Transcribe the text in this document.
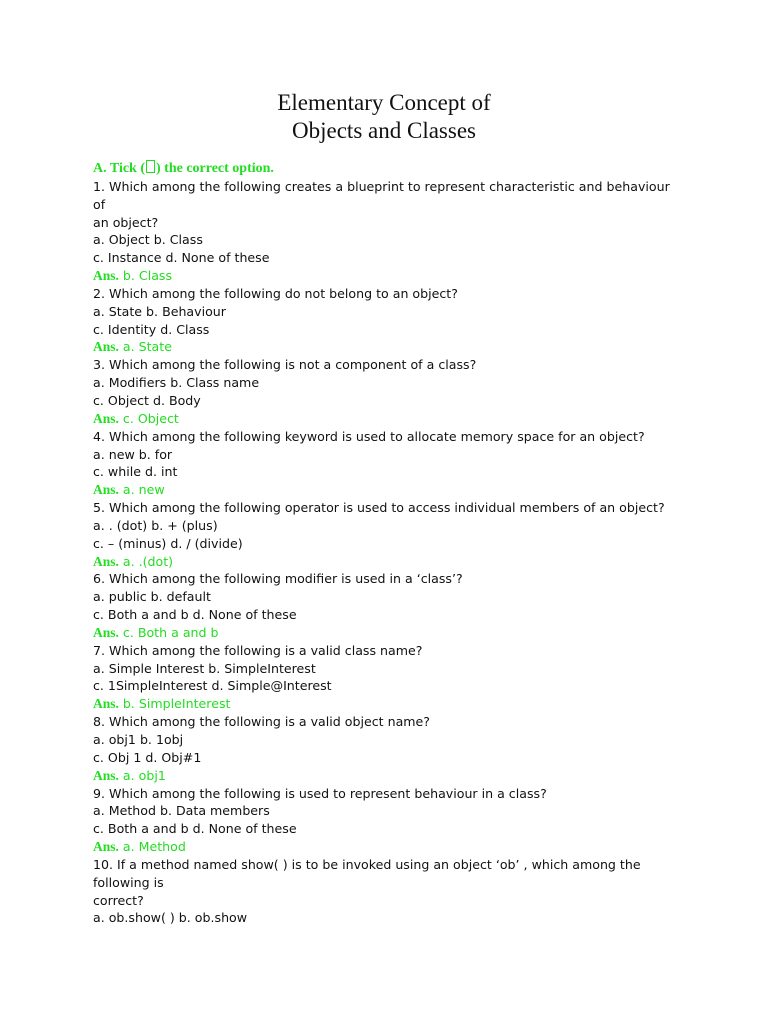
Elementary Concept of
Objects and Classes
A. Tick ( ) the correct option.
1. Which among the following creates a blueprint to represent characteristic and behaviour
of
an object?
a. Object b. Class
c. Instance d. None of these
Ans. b. Class
2. Which among the following do not belong to an object?
a. State b. Behaviour
c. Identity d. Class
Ans. a. State
3. Which among the following is not a component of a class?
a. Modifiers b. Class name
c. Object d. Body
Ans. c. Object
4. Which among the following keyword is used to allocate memory space for an object?
a. new b. for
c. while d. int
Ans. a. new
5. Which among the following operator is used to access individual members of an object?
a. . (dot) b. + (plus)
c. – (minus) d. / (divide)
Ans. a. .(dot)
6. Which among the following modifier is used in a ‘class’?
a. public b. default
c. Both a and b d. None of these
Ans. c. Both a and b
7. Which among the following is a valid class name?
a. Simple Interest b. SimpleInterest
c. 1SimpleInterest d. Simple@Interest
Ans. b. SimpleInterest
8. Which among the following is a valid object name?
a. obj1 b. 1obj
c. Obj 1 d. Obj#1
Ans. a. obj1
9. Which among the following is used to represent behaviour in a class?
a. Method b. Data members
c. Both a and b d. None of these
Ans. a. Method
10. If a method named show( ) is to be invoked using an object ‘ob’ , which among the
following is
correct?
a. ob.show( ) b. ob.show
